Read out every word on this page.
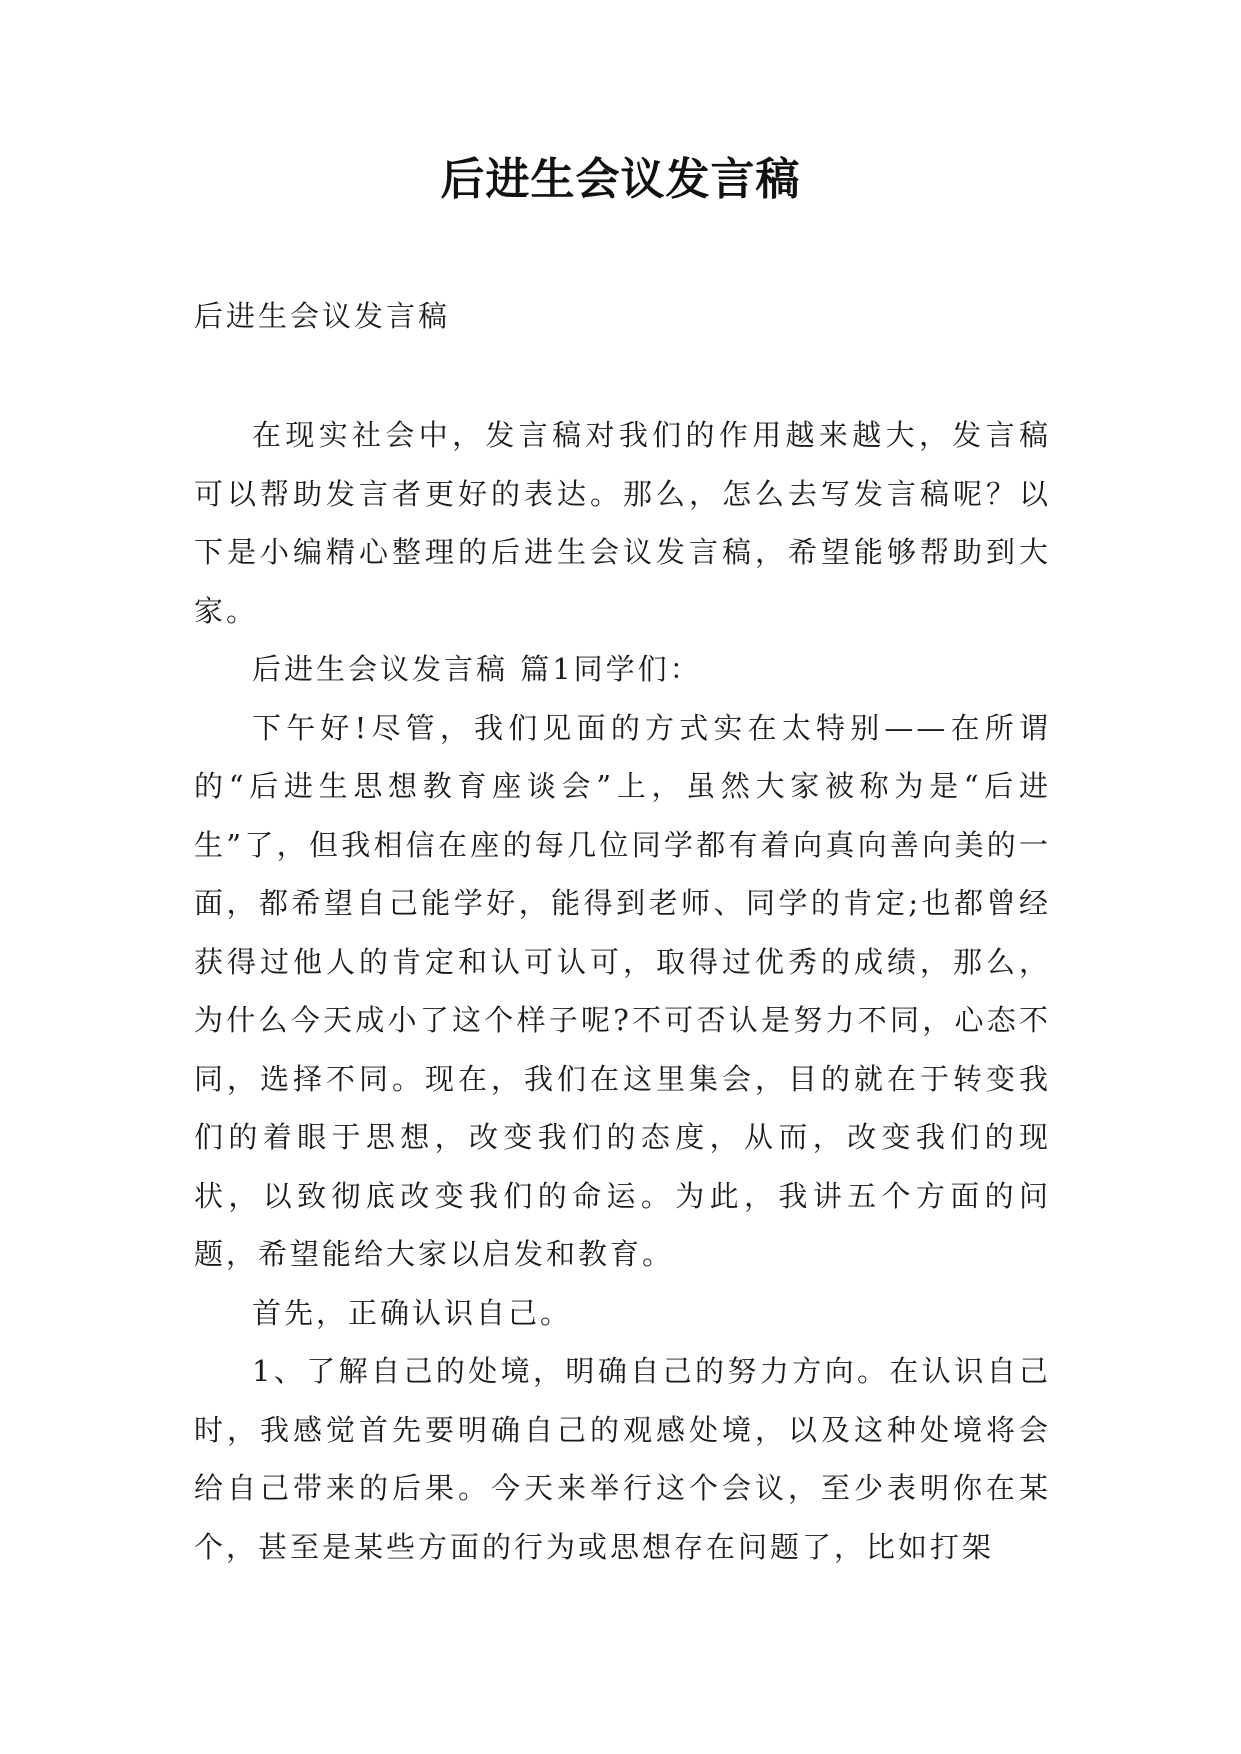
后进生会议发言稿
后进生会议发言稿

在现实社会中，发言稿对我们的作用越来越大，发言稿可以帮助发言者更好的表达。那么，怎么去写发言稿呢？以下是小编精心整理的后进生会议发言稿，希望能够帮助到大家。

后进生会议发言稿 篇1同学们：

下午好!尽管，我们见面的方式实在太特别——在所谓的“后进生思想教育座谈会”上，虽然大家被称为是“后进生”了，但我相信在座的每几位同学都有着向真向善向美的一面，都希望自己能学好，能得到老师、同学的肯定;也都曾经获得过他人的肯定和认可认可，取得过优秀的成绩，那么，为什么今天成小了这个样子呢?不可否认是努力不同，心态不同，选择不同。现在，我们在这里集会，目的就在于转变我们的着眼于思想，改变我们的态度，从而，改变我们的现状，以致彻底改变我们的命运。为此，我讲五个方面的问题，希望能给大家以启发和教育。

首先，正确认识自己。

1、了解自己的处境，明确自己的努力方向。在认识自己时，我感觉首先要明确自己的观感处境，以及这种处境将会给自己带来的后果。今天来举行这个会议，至少表明你在某个，甚至是某些方面的行为或思想存在问题了，比如打架
